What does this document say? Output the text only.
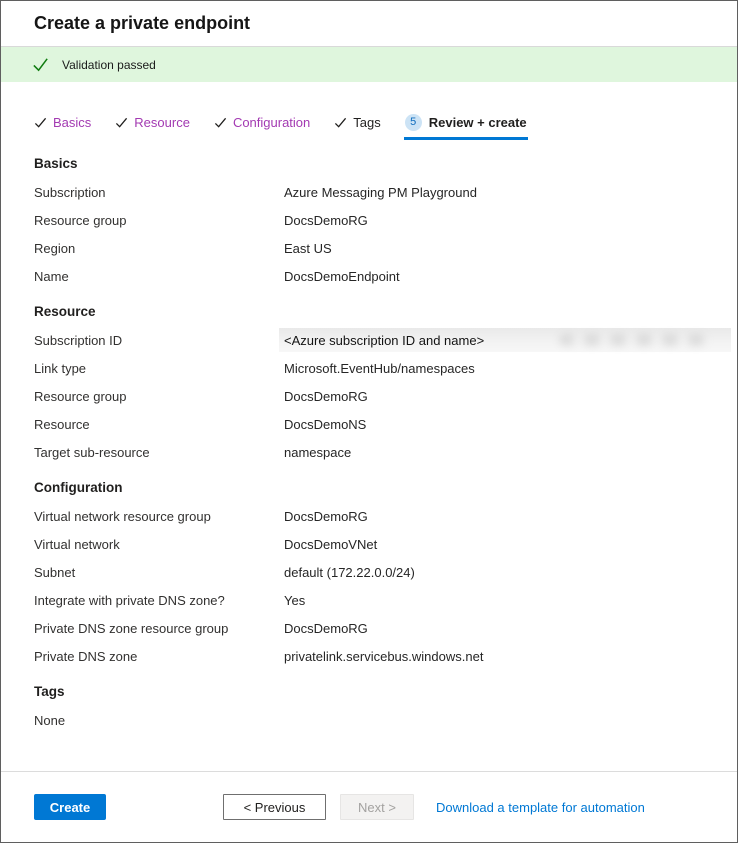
Create a private endpoint
Validation passed
Basics	Resource	Configuration	Tags	5 Review + create
Basics
Subscription	Azure Messaging PM Playground
Resource group	DocsDemoRG
Region	East US
Name	DocsDemoEndpoint
Resource
Subscription ID	<Azure subscription ID and name>
Link type	Microsoft.EventHub/namespaces
Resource group	DocsDemoRG
Resource	DocsDemoNS
Target sub-resource	namespace
Configuration
Virtual network resource group	DocsDemoRG
Virtual network	DocsDemoVNet
Subnet	default (172.22.0.0/24)
Integrate with private DNS zone?	Yes
Private DNS zone resource group	DocsDemoRG
Private DNS zone	privatelink.servicebus.windows.net
Tags
None
Create	< Previous	Next >	Download a template for automation
